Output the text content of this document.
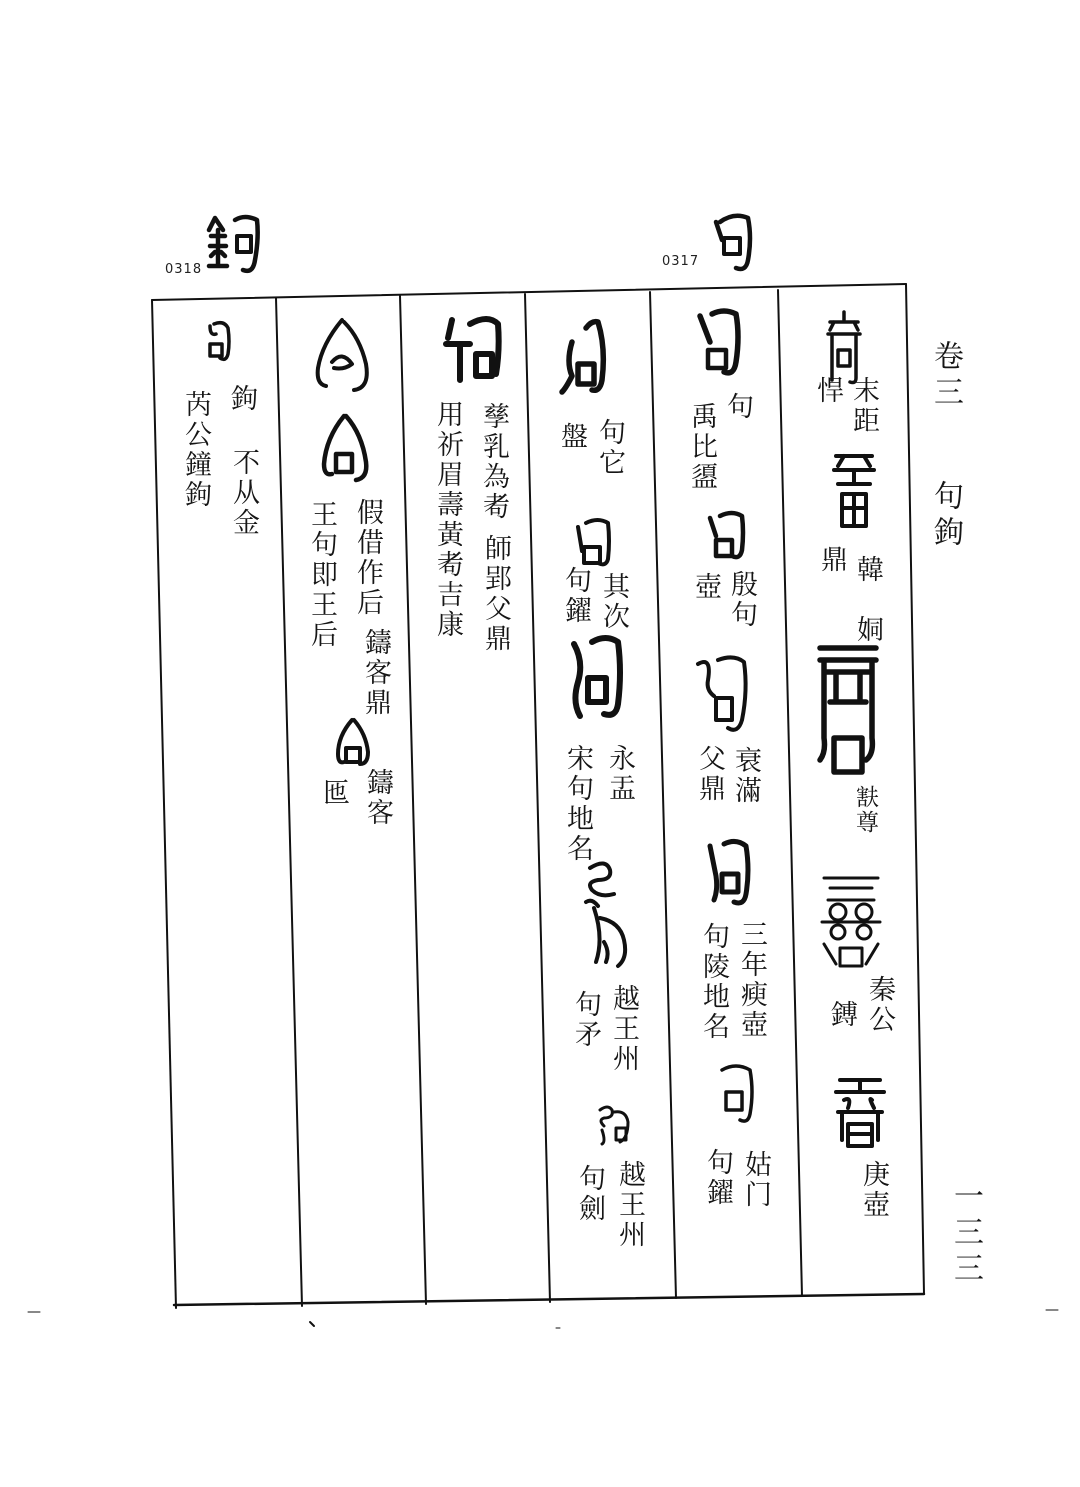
0318
0317
卷三
句鉤
一三三
末距
悍
韓
鼎
姛
㝬尊
秦公
鎛
庚壺
句
禹比盨
殷句
壺
衰滿
父鼎
三年瘐壺
句陵地名
姑门
句鑃
句它
盤
其次
句鑃
永盂
宋句地名
越王州
句矛
越王州
句劍
孳乳為耇
師郢父鼎
用祈眉壽黃耇吉康
假借作后
王句即王后
鑄客鼎
鑄客
匜
鉤
不从金
芮公鐘鉤
